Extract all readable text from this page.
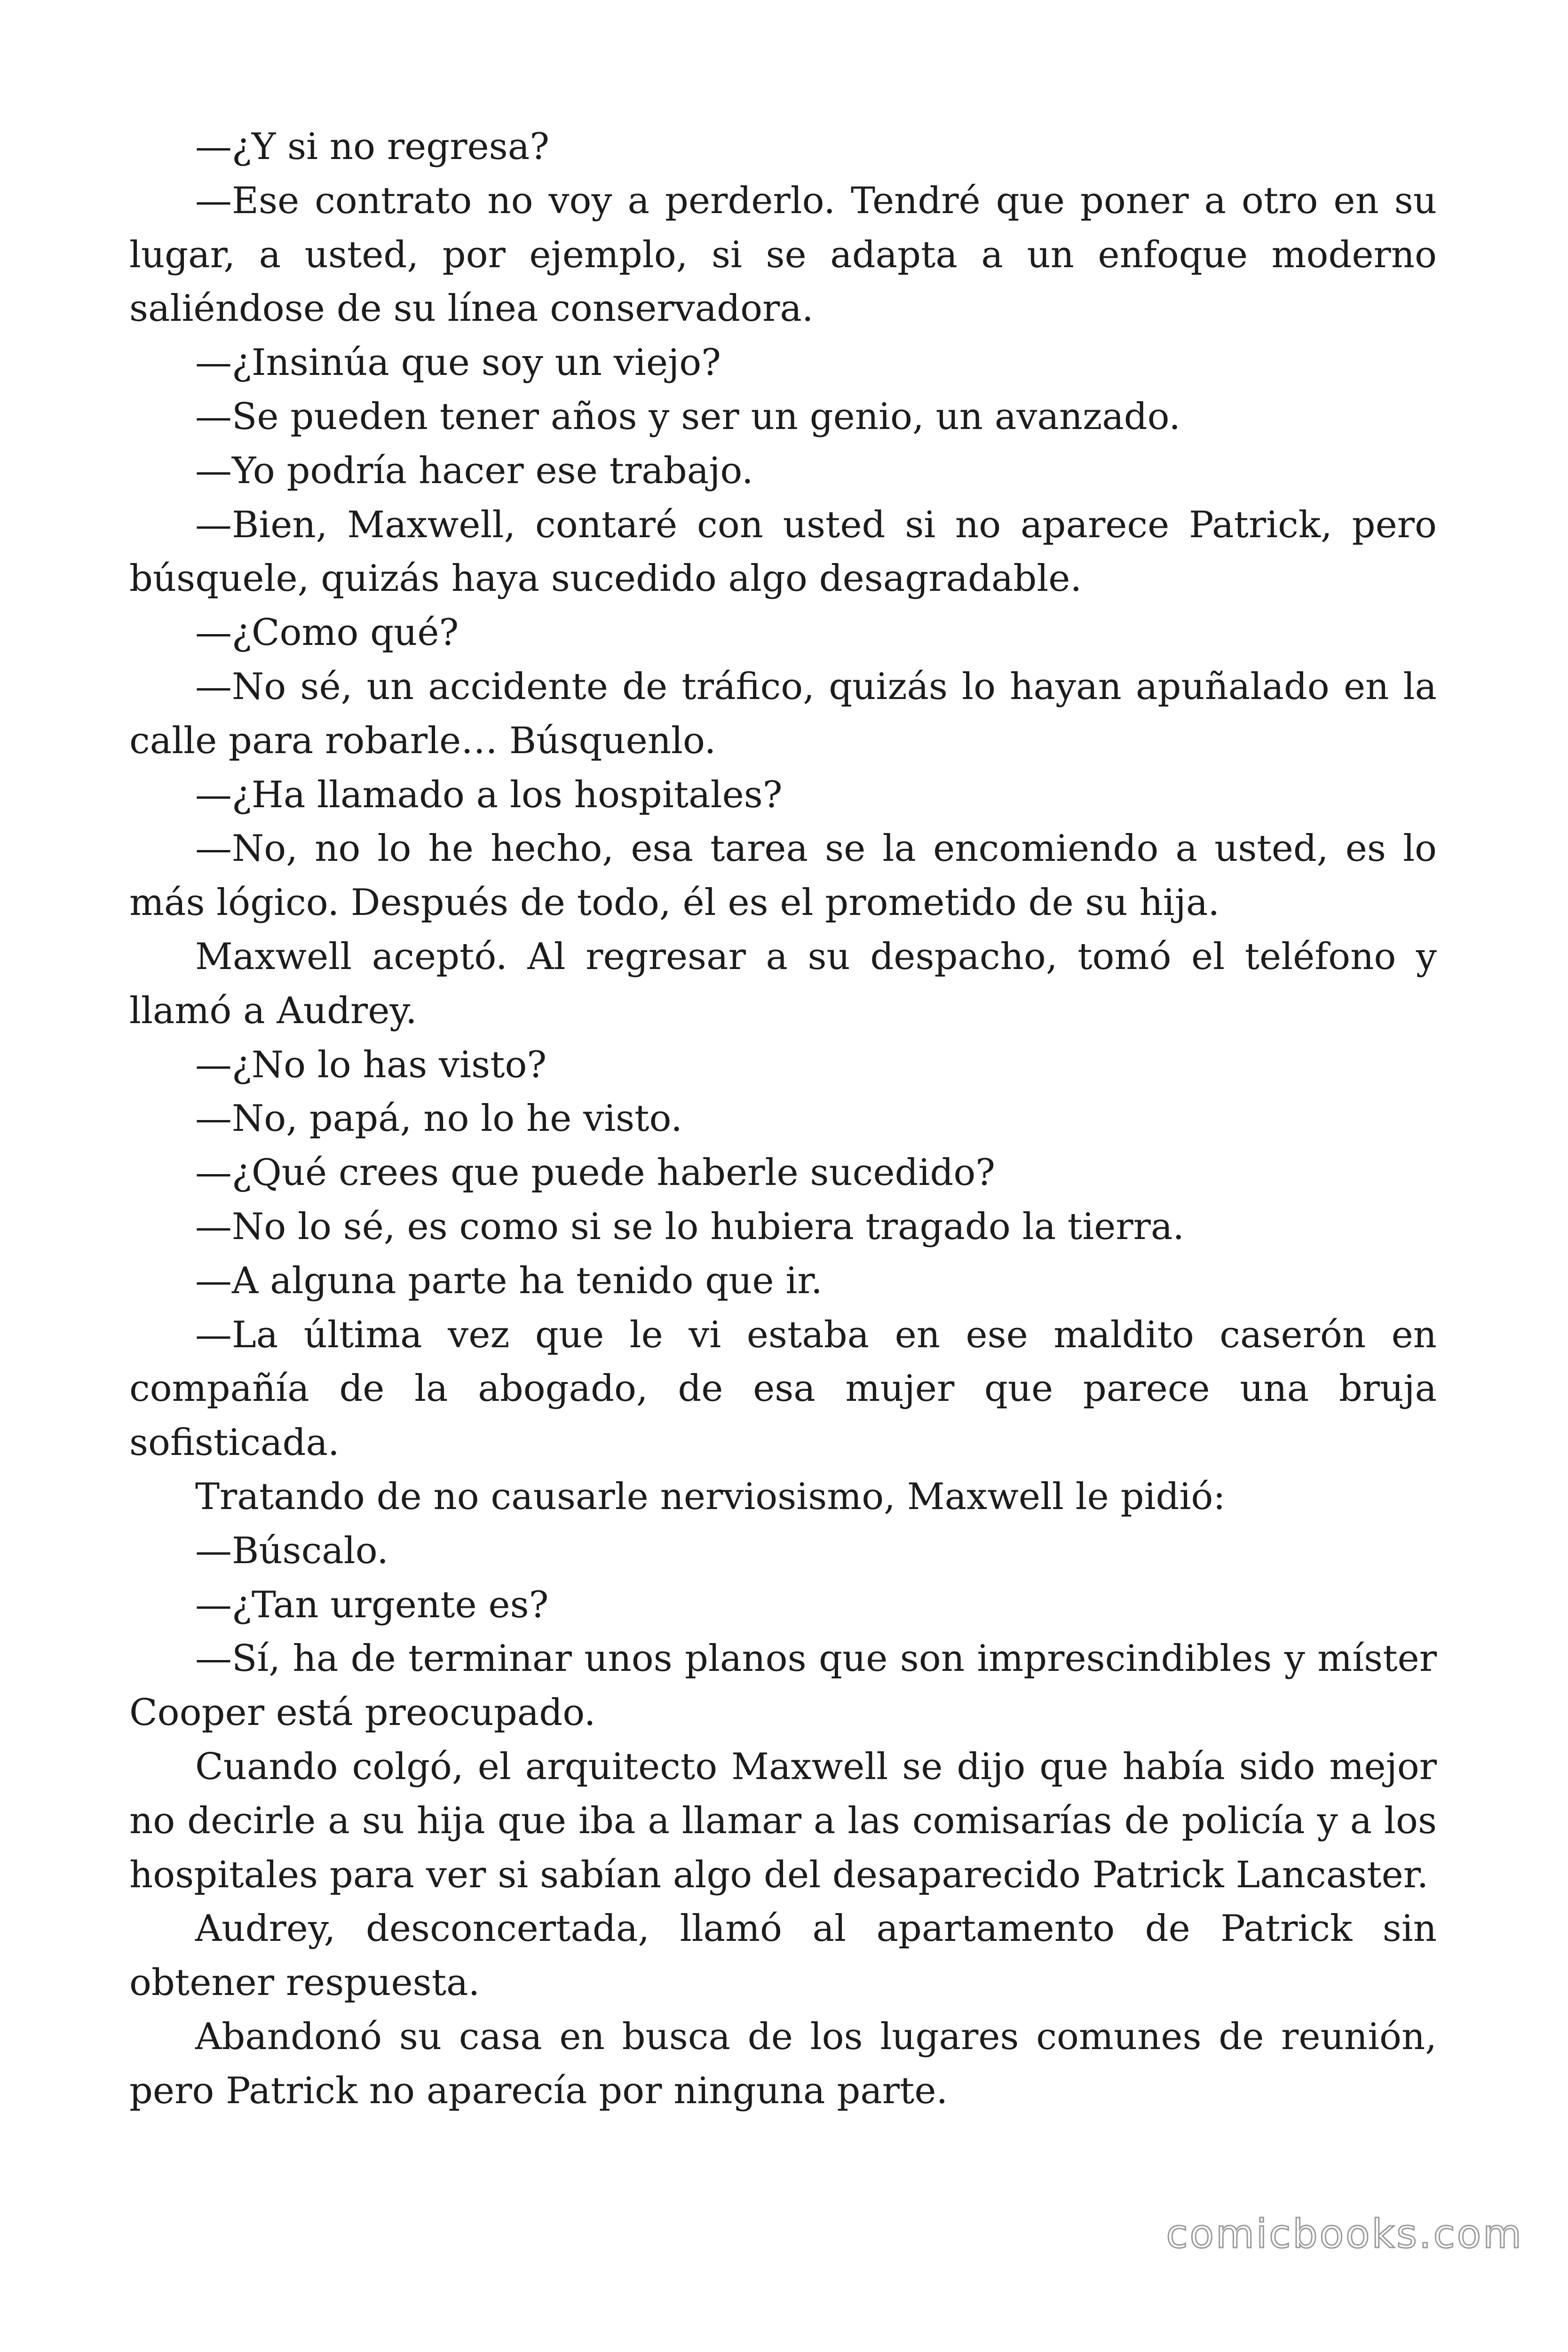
—¿Y si no regresa?

—Ese contrato no voy a perderlo. Tendré que poner a otro en su lugar, a usted, por ejemplo, si se adapta a un enfoque moderno saliéndose de su línea conservadora.

—¿Insinúa que soy un viejo?

—Se pueden tener años y ser un genio, un avanzado.

—Yo podría hacer ese trabajo.

—Bien, Maxwell, contaré con usted si no aparece Patrick, pero búsquele, quizás haya sucedido algo desagradable.

—¿Como qué?

—No sé, un accidente de tráfico, quizás lo hayan apuñalado en la calle para robarle… Búsquenlo.

—¿Ha llamado a los hospitales?

—No, no lo he hecho, esa tarea se la encomiendo a usted, es lo más lógico. Después de todo, él es el prometido de su hija.

Maxwell aceptó. Al regresar a su despacho, tomó el teléfono y llamó a Audrey.

—¿No lo has visto?

—No, papá, no lo he visto.

—¿Qué crees que puede haberle sucedido?

—No lo sé, es como si se lo hubiera tragado la tierra.

—A alguna parte ha tenido que ir.

—La última vez que le vi estaba en ese maldito caserón en compañía de la abogado, de esa mujer que parece una bruja sofisticada.

Tratando de no causarle nerviosismo, Maxwell le pidió:

—Búscalo.

—¿Tan urgente es?

—Sí, ha de terminar unos planos que son imprescindibles y míster Cooper está preocupado.

Cuando colgó, el arquitecto Maxwell se dijo que había sido mejor no decirle a su hija que iba a llamar a las comisarías de policía y a los hospitales para ver si sabían algo del desaparecido Patrick Lancaster.

Audrey, desconcertada, llamó al apartamento de Patrick sin obtener respuesta.

Abandonó su casa en busca de los lugares comunes de reunión, pero Patrick no aparecía por ninguna parte.

comicbooks.com
